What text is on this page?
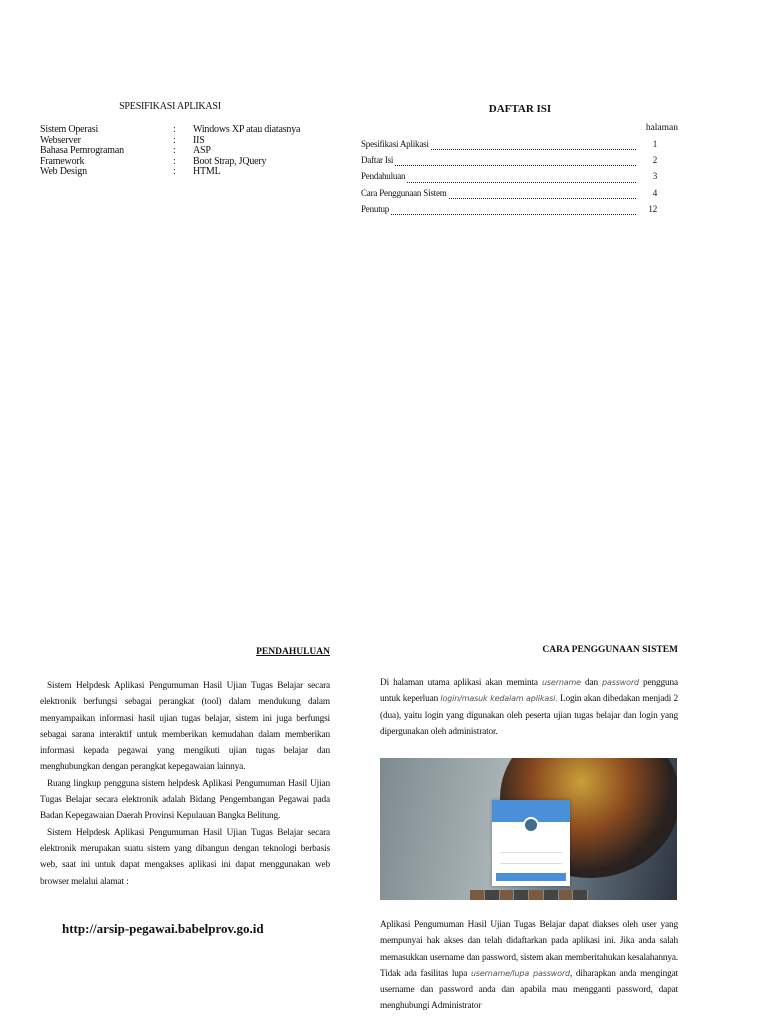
SPESIFIKASI APLIKASI
Sistem Operasi	:	Windows XP atau diatasnya
Webserver	:	IIS
Bahasa Pemrograman	:	ASP
Framework	:	Boot Strap, JQuery
Web Design	:	HTML
DAFTAR ISI
halaman
Spesifikasi Aplikasi	1
Daftar Isi	2
Pendahuluan	3
Cara Penggunaan Sistem	4
Penutup	12
PENDAHULUAN

Sistem Helpdesk Aplikasi Pengumuman Hasil Ujian Tugas Belajar secara elektronik berfungsi sebagai perangkat (tool) dalam mendukung dalam menyampaikan informasi hasil ujian tugas belajar, sistem ini juga berfungsi sebagai sarana interaktif untuk memberikan kemudahan dalam memberikan informasi kepada pegawai yang mengikuti ujian tugas belajar dan menghubungkan dengan perangkat kepegawaian lainnya.

Ruang lingkup pengguna sistem helpdesk Aplikasi Pengumuman Hasil Ujian Tugas Belajar secara elektronik adalah Bidang Pengembangan Pegawai pada Badan Kepegawaian Daerah Provinsi Kepulauan Bangka Belitung.

Sistem Helpdesk Aplikasi Pengumuman Hasil Ujian Tugas Belajar secara elektronik merupakan suatu sistem yang dibangun dengan teknologi berbasis web, saat ini untuk dapat mengakses aplikasi ini dapat menggunakan web browser melalui alamat :

http://arsip-pegawai.babelprov.go.id
CARA PENGGUNAAN SISTEM
Di halaman utama aplikasi akan meminta username dan password pengguna untuk keperluan login/masuk kedalam aplikasi. Login akan dibedakan menjadi 2 (dua), yaitu login yang digunakan oleh peserta ujian tugas belajar dan login yang dipergunakan oleh administrator.
Aplikasi Pengumuman Hasil Ujian Tugas Belajar dapat diakses oleh user yang mempunyai hak akses dan telah didaftarkan pada aplikasi ini. Jika anda salah memasukkan username dan password, sistem akan memberitahukan kesalahannya. Tidak ada fasilitas lupa username/lupa password, diharapkan anda mengingat username dan password anda dan apabila mau mengganti password, dapat menghubungi Administrator
